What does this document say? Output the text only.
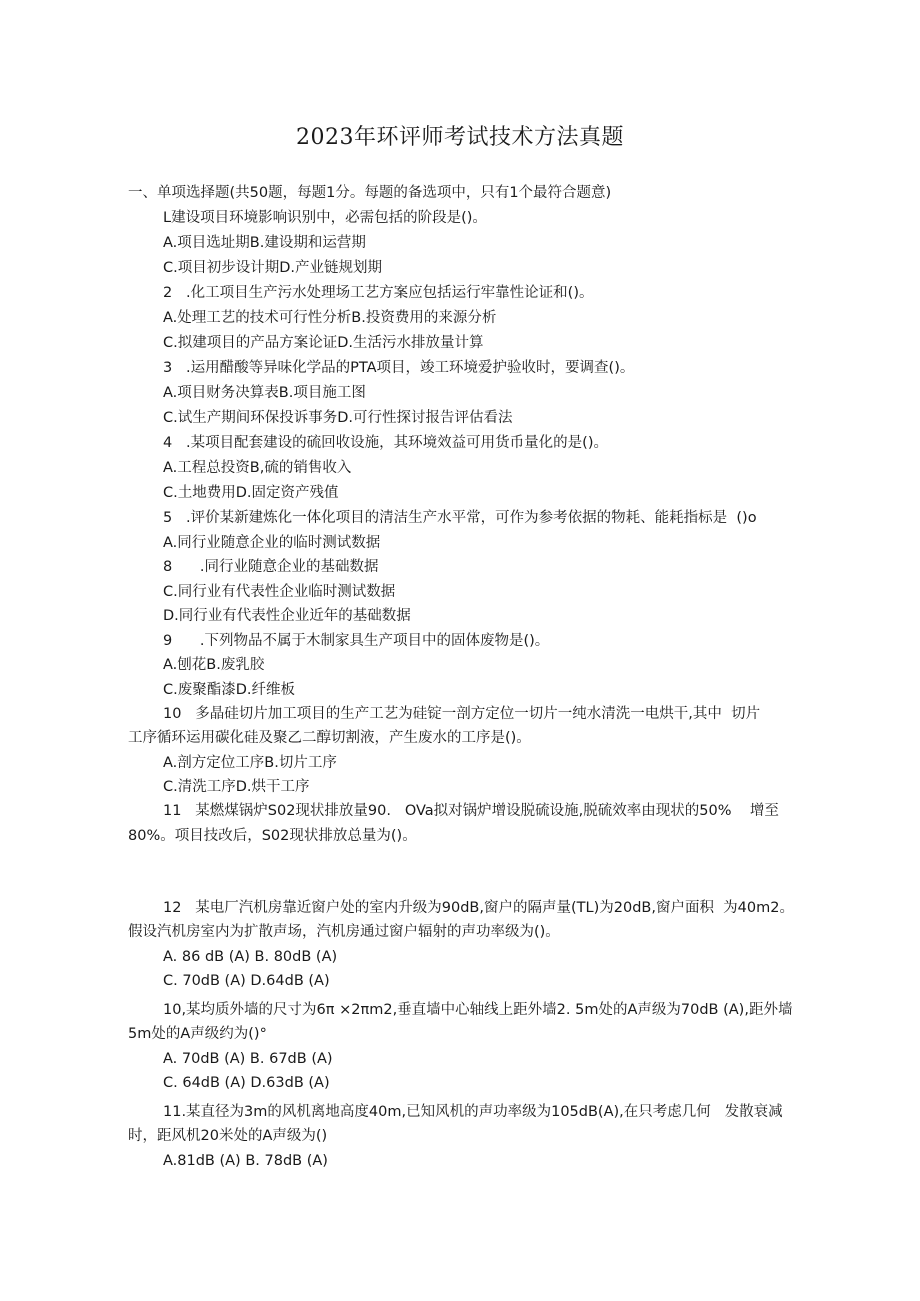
2023年环评师考试技术方法真题
一、单项选择题(共50题，每题1分。每题的备选项中，只有1个最符合题意)
L建设项目环境影响识别中，必需包括的阶段是()。
A.项目选址期B.建设期和运营期
C.项目初步设计期D.产业链规划期
2   .化工项目生产污水处理场工艺方案应包括运行牢靠性论证和()。
A.处理工艺的技术可行性分析B.投资费用的来源分析
C.拟建项目的产品方案论证D.生活污水排放量计算
3   .运用醋酸等异味化学品的PTA项目，竣工环境爱护验收时，要调查()。
A.项目财务决算表B.项目施工图
C.试生产期间环保投诉事务D.可行性探讨报告评估看法
4   .某项目配套建设的硫回收设施，其环境效益可用货币量化的是()。
A.工程总投资B,硫的销售收入
C.土地费用D.固定资产残值
5   .评价某新建炼化一体化项目的清洁生产水平常，可作为参考依据的物耗、能耗指标是  ()o
A.同行业随意企业的临时测试数据
8      .同行业随意企业的基础数据
C.同行业有代表性企业临时测试数据
D.同行业有代表性企业近年的基础数据
9      .下列物品不属于木制家具生产项目中的固体废物是()。
A.刨花B.废乳胶
C.废聚酯漆D.纤维板
10   多晶硅切片加工项目的生产工艺为硅锭一剖方定位一切片一纯水清洗一电烘干,其中  切片
工序循环运用碳化硅及聚乙二醇切割液，产生废水的工序是()。
A.剖方定位工序B.切片工序
C.清洗工序D.烘干工序
11   某燃煤锅炉S02现状排放量90.   OVa拟对锅炉增设脱硫设施,脱硫效率由现状的50%    增至
80%。项目技改后，S02现状排放总量为()。
12   某电厂汽机房靠近窗户处的室内升级为90dB,窗户的隔声量(TL)为20dB,窗户面积  为40m2。
假设汽机房室内为扩散声场，汽机房通过窗户辐射的声功率级为()。
A. 86 dB (A) B. 80dB (A)
C. 70dB (A) D.64dB (A)
10,某均质外墙的尺寸为6π ×2πm2,垂直墙中心轴线上距外墙2. 5m处的A声级为70dB (A),距外墙
5m处的A声级约为()°
A. 70dB (A) B. 67dB (A)
C. 64dB (A) D.63dB (A)
11.某直径为3m的风机离地高度40m,已知风机的声功率级为105dB(A),在只考虑几何   发散衰减
时，距风机20米处的A声级为()
A.81dB (A) B. 78dB (A)
